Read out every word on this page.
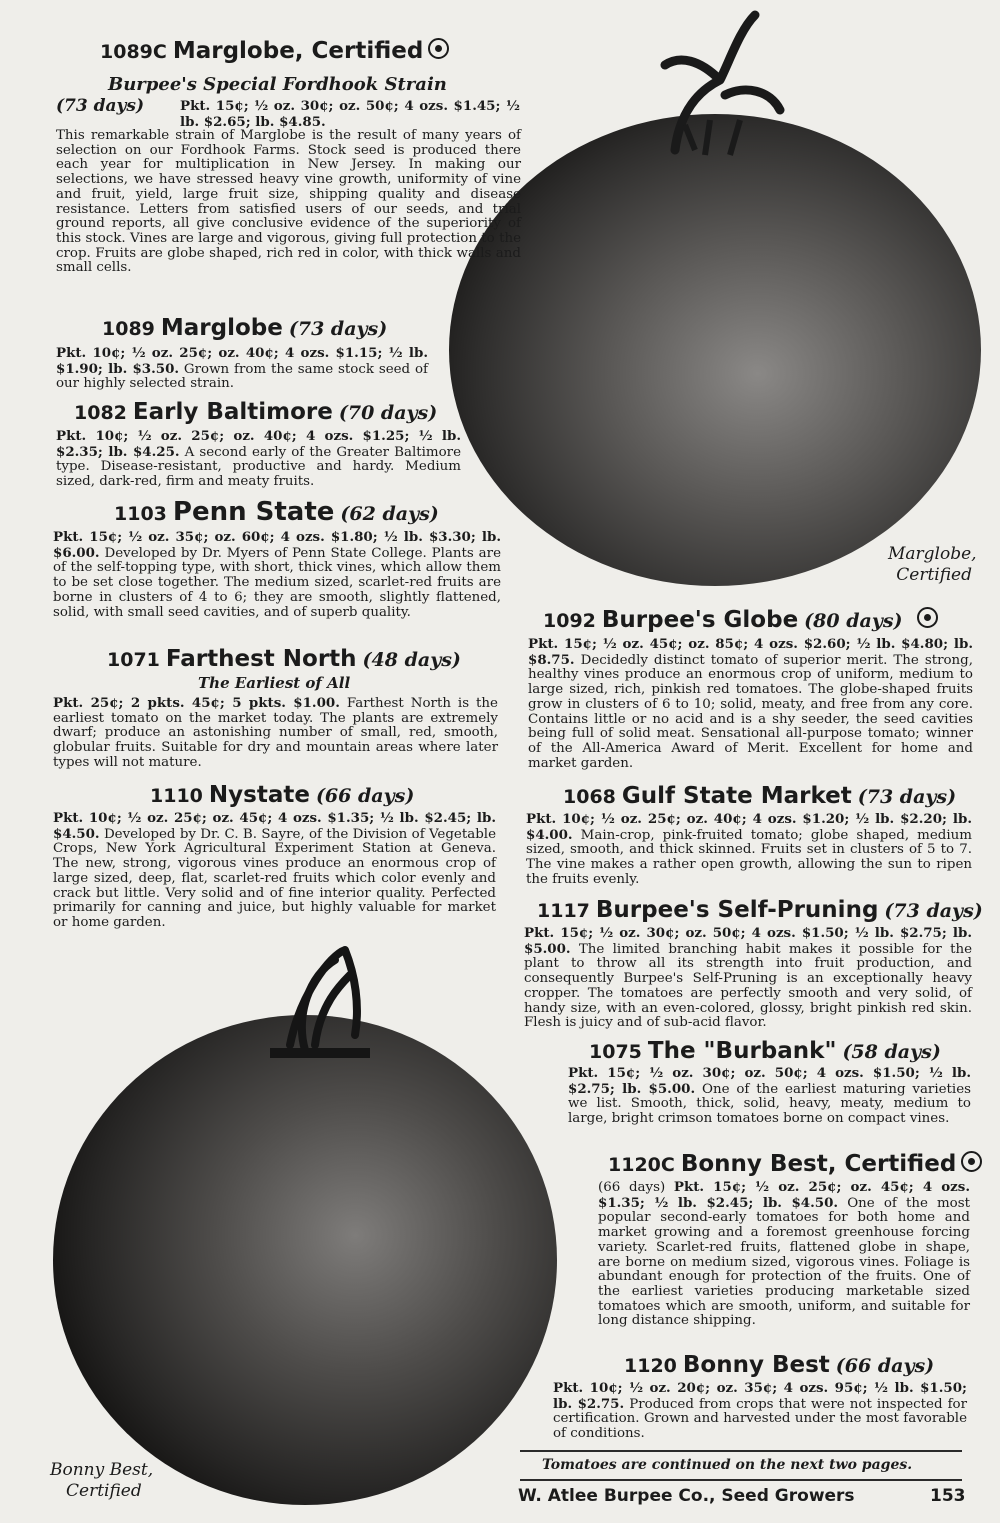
1089C Marglobe, Certified
Burpee's Special Fordhook Strain
(73 days)	Pkt. 15¢; ½ oz. 30¢; oz. 50¢; 4 ozs. $1.45; ½ lb. $2.65; lb. $4.85.
This remarkable strain of Marglobe is the result of many years of selection on our Fordhook Farms. Stock seed is produced there each year for multiplication in New Jersey. In making our selections, we have stressed heavy vine growth, uniformity of vine and fruit, yield, large fruit size, shipping quality and disease resistance. Letters from satisfied users of our seeds, and trial ground reports, all give conclusive evidence of the superiority of this stock. Vines are large and vigorous, giving full protection to the crop. Fruits are globe shaped, rich red in color, with thick walls and small cells.
1089 Marglobe (73 days)
Pkt. 10¢; ½ oz. 25¢; oz. 40¢; 4 ozs. $1.15; ½ lb. $1.90; lb. $3.50. Grown from the same stock seed of our highly selected strain.
1082 Early Baltimore (70 days)
Pkt. 10¢; ½ oz. 25¢; oz. 40¢; 4 ozs. $1.25; ½ lb. $2.35; lb. $4.25. A second early of the Greater Baltimore type. Disease-resistant, productive and hardy. Medium sized, dark-red, firm and meaty fruits.
1103 Penn State (62 days)
Pkt. 15¢; ½ oz. 35¢; oz. 60¢; 4 ozs. $1.80; ½ lb. $3.30; lb. $6.00. Developed by Dr. Myers of Penn State College. Plants are of the self-topping type, with short, thick vines, which allow them to be set close together. The medium sized, scarlet-red fruits are borne in clusters of 4 to 6; they are smooth, slightly flattened, solid, with small seed cavities, and of superb quality.
1071 Farthest North (48 days)
The Earliest of All
Pkt. 25¢; 2 pkts. 45¢; 5 pkts. $1.00. Farthest North is the earliest tomato on the market today. The plants are extremely dwarf; produce an astonishing number of small, red, smooth, globular fruits. Suitable for dry and mountain areas where later types will not mature.
1110 Nystate (66 days)
Pkt. 10¢; ½ oz. 25¢; oz. 45¢; 4 ozs. $1.35; ½ lb. $2.45; lb. $4.50. Developed by Dr. C. B. Sayre, of the Division of Vegetable Crops, New York Agricultural Experiment Station at Geneva. The new, strong, vigorous vines produce an enormous crop of large sized, deep, flat, scarlet-red fruits which color evenly and crack but little. Very solid and of fine interior quality. Perfected primarily for canning and juice, but highly valuable for market or home garden.
Marglobe,
Certified
1092 Burpee's Globe (80 days)
Pkt. 15¢; ½ oz. 45¢; oz. 85¢; 4 ozs. $2.60; ½ lb. $4.80; lb. $8.75. Decidedly distinct tomato of superior merit. The strong, healthy vines produce an enormous crop of uniform, medium to large sized, rich, pinkish red tomatoes. The globe-shaped fruits grow in clusters of 6 to 10; solid, meaty, and free from any core. Contains little or no acid and is a shy seeder, the seed cavities being full of solid meat. Sensational all-purpose tomato; winner of the All-America Award of Merit. Excellent for home and market garden.
1068 Gulf State Market (73 days)
Pkt. 10¢; ½ oz. 25¢; oz. 40¢; 4 ozs. $1.20; ½ lb. $2.20; lb. $4.00. Main-crop, pink-fruited tomato; globe shaped, medium sized, smooth, and thick skinned. Fruits set in clusters of 5 to 7. The vine makes a rather open growth, allowing the sun to ripen the fruits evenly.
1117 Burpee's Self-Pruning (73 days)
Pkt. 15¢; ½ oz. 30¢; oz. 50¢; 4 ozs. $1.50; ½ lb. $2.75; lb. $5.00. The limited branching habit makes it possible for the plant to throw all its strength into fruit production, and consequently Burpee's Self-Pruning is an exceptionally heavy cropper. The tomatoes are perfectly smooth and very solid, of handy size, with an even-colored, glossy, bright pinkish red skin. Flesh is juicy and of sub-acid flavor.
1075 The "Burbank" (58 days)
Pkt. 15¢; ½ oz. 30¢; oz. 50¢; 4 ozs. $1.50; ½ lb. $2.75; lb. $5.00. One of the earliest maturing varieties we list. Smooth, thick, solid, heavy, meaty, medium to large, bright crimson tomatoes borne on compact vines.
1120C Bonny Best, Certified
(66 days) Pkt. 15¢; ½ oz. 25¢; oz. 45¢; 4 ozs. $1.35; ½ lb. $2.45; lb. $4.50. One of the most popular second-early tomatoes for both home and market growing and a foremost greenhouse forcing variety. Scarlet-red fruits, flattened globe in shape, are borne on medium sized, vigorous vines. Foliage is abundant enough for protection of the fruits. One of the earliest varieties producing marketable sized tomatoes which are smooth, uniform, and suitable for long distance shipping.
1120 Bonny Best (66 days)
Pkt. 10¢; ½ oz. 20¢; oz. 35¢; 4 ozs. 95¢; ½ lb. $1.50; lb. $2.75. Produced from crops that were not inspected for certification. Grown and harvested under the most favorable of conditions.
Bonny Best,
Certified
Tomatoes are continued on the next two pages.
W. Atlee Burpee Co., Seed Growers	153
